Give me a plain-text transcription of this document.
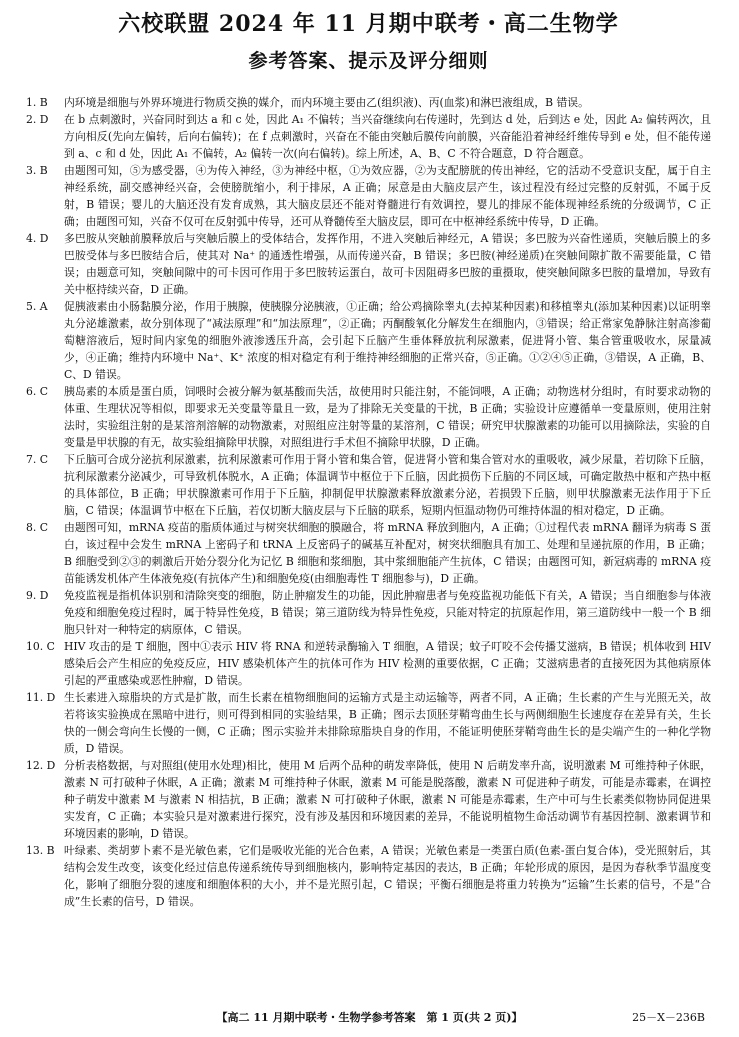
六校联盟 2024 年 11 月期中联考・高二生物学
参考答案、提示及评分细则
1. B	内环境是细胞与外界环境进行物质交换的媒介，而内环境主要由乙(组织液)、丙(血浆)和淋巴液组成，B 错误。
2. D	在 b 点刺激时，兴奋同时到达 a 和 c 处，因此 A₁ 不偏转；当兴奋继续向右传递时，先到达 d 处，后到达 e 处，因此 A₂ 偏转两次，且方向相反(先向左偏转，后向右偏转)；在 f 点刺激时，兴奋在不能由突触后膜传向前膜，兴奋能沿着神经纤维传导到 e 处，但不能传递到 a、c 和 d 处，因此 A₁ 不偏转，A₂ 偏转一次(向右偏转)。综上所述，A、B、C 不符合题意，D 符合题意。
3. B	由题图可知，⑤为感受器，④为传入神经，③为神经中枢，①为效应器，②为支配膀胱的传出神经，它的活动不受意识支配，属于自主神经系统，副交感神经兴奋，会使膀胱缩小，利于排尿，A 正确；尿意是由大脑皮层产生，该过程没有经过完整的反射弧，不属于反射，B 错误；婴儿的大脑还没有发育成熟，其大脑皮层还不能对脊髓进行有效调控，婴儿的排尿不能体现神经系统的分级调节，C 正确；由题图可知，兴奋不仅可在反射弧中传导，还可从脊髓传至大脑皮层，即可在中枢神经系统中传导，D 正确。
4. D	多巴胺从突触前膜释放后与突触后膜上的受体结合，发挥作用，不进入突触后神经元，A 错误；多巴胺为兴奋性递质，突触后膜上的多巴胺受体与多巴胺结合后，使其对 Na⁺ 的通透性增强，从而传递兴奋，B 错误；多巴胺(神经递质)在突触间隙扩散不需要能量，C 错误；由题意可知，突触间隙中的可卡因可作用于多巴胺转运蛋白，故可卡因阻碍多巴胺的重摄取，使突触间隙多巴胺的量增加，导致有关中枢持续兴奋，D 正确。
5. A	促胰液素由小肠黏膜分泌，作用于胰腺，使胰腺分泌胰液，①正确；给公鸡摘除睾丸(去掉某种因素)和移植睾丸(添加某种因素)以证明睾丸分泌雄激素，故分别体现了“减法原理”和“加法原理”，②正确；丙酮酸氧化分解发生在细胞内，③错误；给正常家兔静脉注射高渗葡萄糖溶液后，短时间内家兔的细胞外液渗透压升高，会引起下丘脑产生垂体释放抗利尿激素，促进肾小管、集合管重吸收水，尿量减少，④正确；维持内环境中 Na⁺、K⁺ 浓度的相对稳定有利于维持神经细胞的正常兴奋，⑤正确。①②④⑤正确，③错误，A 正确，B、C、D 错误。
6. C	胰岛素的本质是蛋白质，饲喂时会被分解为氨基酸而失活，故使用时只能注射，不能饲喂，A 正确；动物选材分组时，有时要求动物的体重、生理状况等相似，即要求无关变量等量且一致，是为了排除无关变量的干扰，B 正确；实验设计应遵循单一变量原则，使用注射法时，实验组注射的是某溶剂溶解的动物激素，对照组应注射等量的某溶剂，C 错误；研究甲状腺激素的功能可以用摘除法，实验的自变量是甲状腺的有无，故实验组摘除甲状腺，对照组进行手术但不摘除甲状腺，D 正确。
7. C	下丘脑可合成分泌抗利尿激素，抗利尿激素可作用于肾小管和集合管，促进肾小管和集合管对水的重吸收，减少尿量，若切除下丘脑，抗利尿激素分泌减少，可导致机体脱水，A 正确；体温调节中枢位于下丘脑，因此损伤下丘脑的不同区域，可确定散热中枢和产热中枢的具体部位，B 正确；甲状腺激素可作用于下丘脑，抑制促甲状腺激素释放激素分泌，若损毁下丘脑，则甲状腺激素无法作用于下丘脑，C 错误；体温调节中枢在下丘脑，若仅切断大脑皮层与下丘脑的联系，短期内恒温动物仍可维持体温的相对稳定，D 正确。
8. C	由题图可知，mRNA 疫苗的脂质体通过与树突状细胞的膜融合，将 mRNA 释放到胞内，A 正确；①过程代表 mRNA 翻译为病毒 S 蛋白，该过程中会发生 mRNA 上密码子和 tRNA 上反密码子的碱基互补配对，树突状细胞具有加工、处理和呈递抗原的作用，B 正确；B 细胞受到②③的刺激后开始分裂分化为记忆 B 细胞和浆细胞，其中浆细胞能产生抗体，C 错误；由题图可知，新冠病毒的 mRNA 疫苗能诱发机体产生体液免疫(有抗体产生)和细胞免疫(由细胞毒性 T 细胞参与)，D 正确。
9. D	免疫监视是指机体识别和清除突变的细胞，防止肿瘤发生的功能，因此肿瘤患者与免疫监视功能低下有关，A 错误；当自细胞参与体液免疫和细胞免疫过程时，属于特异性免疫，B 错误；第三道防线为特异性免疫，只能对特定的抗原起作用，第三道防线中一般一个 B 细胞只针对一种特定的病原体，C 错误。
10. C HIV 攻击的是 T 细胞，图中①表示 HIV 将 RNA 和逆转录酶输入 T 细胞，A 错误；蚊子叮咬不会传播艾滋病，B 错误；机体收到 HIV 感染后会产生相应的免疫反应，HIV 感染机体产生的抗体可作为 HIV 检测的重要依据，C 正确；艾滋病患者的直接死因为其他病原体引起的严重感染或恶性肿瘤，D 错误。
11. D 生长素进入琼脂块的方式是扩散，而生长素在植物细胞间的运输方式是主动运输等，两者不同，A 正确；生长素的产生与光照无关，故若将该实验换成在黑暗中进行，则可得到相同的实验结果，B 正确；图示去顶胚芽鞘弯曲生长与两侧细胞生长速度存在差异有关，生长快的一侧会弯向生长慢的一侧，C 正确；图示实验并未排除琼脂块自身的作用，不能证明使胚芽鞘弯曲生长的是尖端产生的一种化学物质，D 错误。
12. D 分析表格数据，与对照组(使用水处理)相比，使用 M 后两个品种的萌发率降低，使用 N 后萌发率升高，说明激素 M 可维持种子休眠，激素 N 可打破种子休眠，A 正确；激素 M 可维持种子休眠，激素 M 可能是脱落酸，激素 N 可促进种子萌发，可能是赤霉素，在调控种子萌发中激素 M 与激素 N 相拮抗，B 正确；激素 N 可打破种子休眠，激素 N 可能是赤霉素，生产中可与生长素类似物协同促进果实发育，C 正确；本实验只是对激素进行探究，没有涉及基因和环境因素的差异，不能说明植物生命活动调节有基因控制、激素调节和环境因素的影响，D 错误。
13. B 叶绿素、类胡萝卜素不是光敏色素，它们是吸收光能的光合色素，A 错误；光敏色素是一类蛋白质(色素-蛋白复合体)，受光照射后，其结构会发生改变，该变化经过信息传递系统传导到细胞核内，影响特定基因的表达，B 正确；年轮形成的原因，是因为春秋季节温度变化，影响了细胞分裂的速度和细胞体积的大小，并不是光照引起，C 错误；平衡石细胞是将重力转换为“运输”生长素的信号，不是“合成”生长素的信号，D 错误。
【高二 11 月期中联考・生物学参考答案　第 1 页(共 2 页)】	25－X－236B
